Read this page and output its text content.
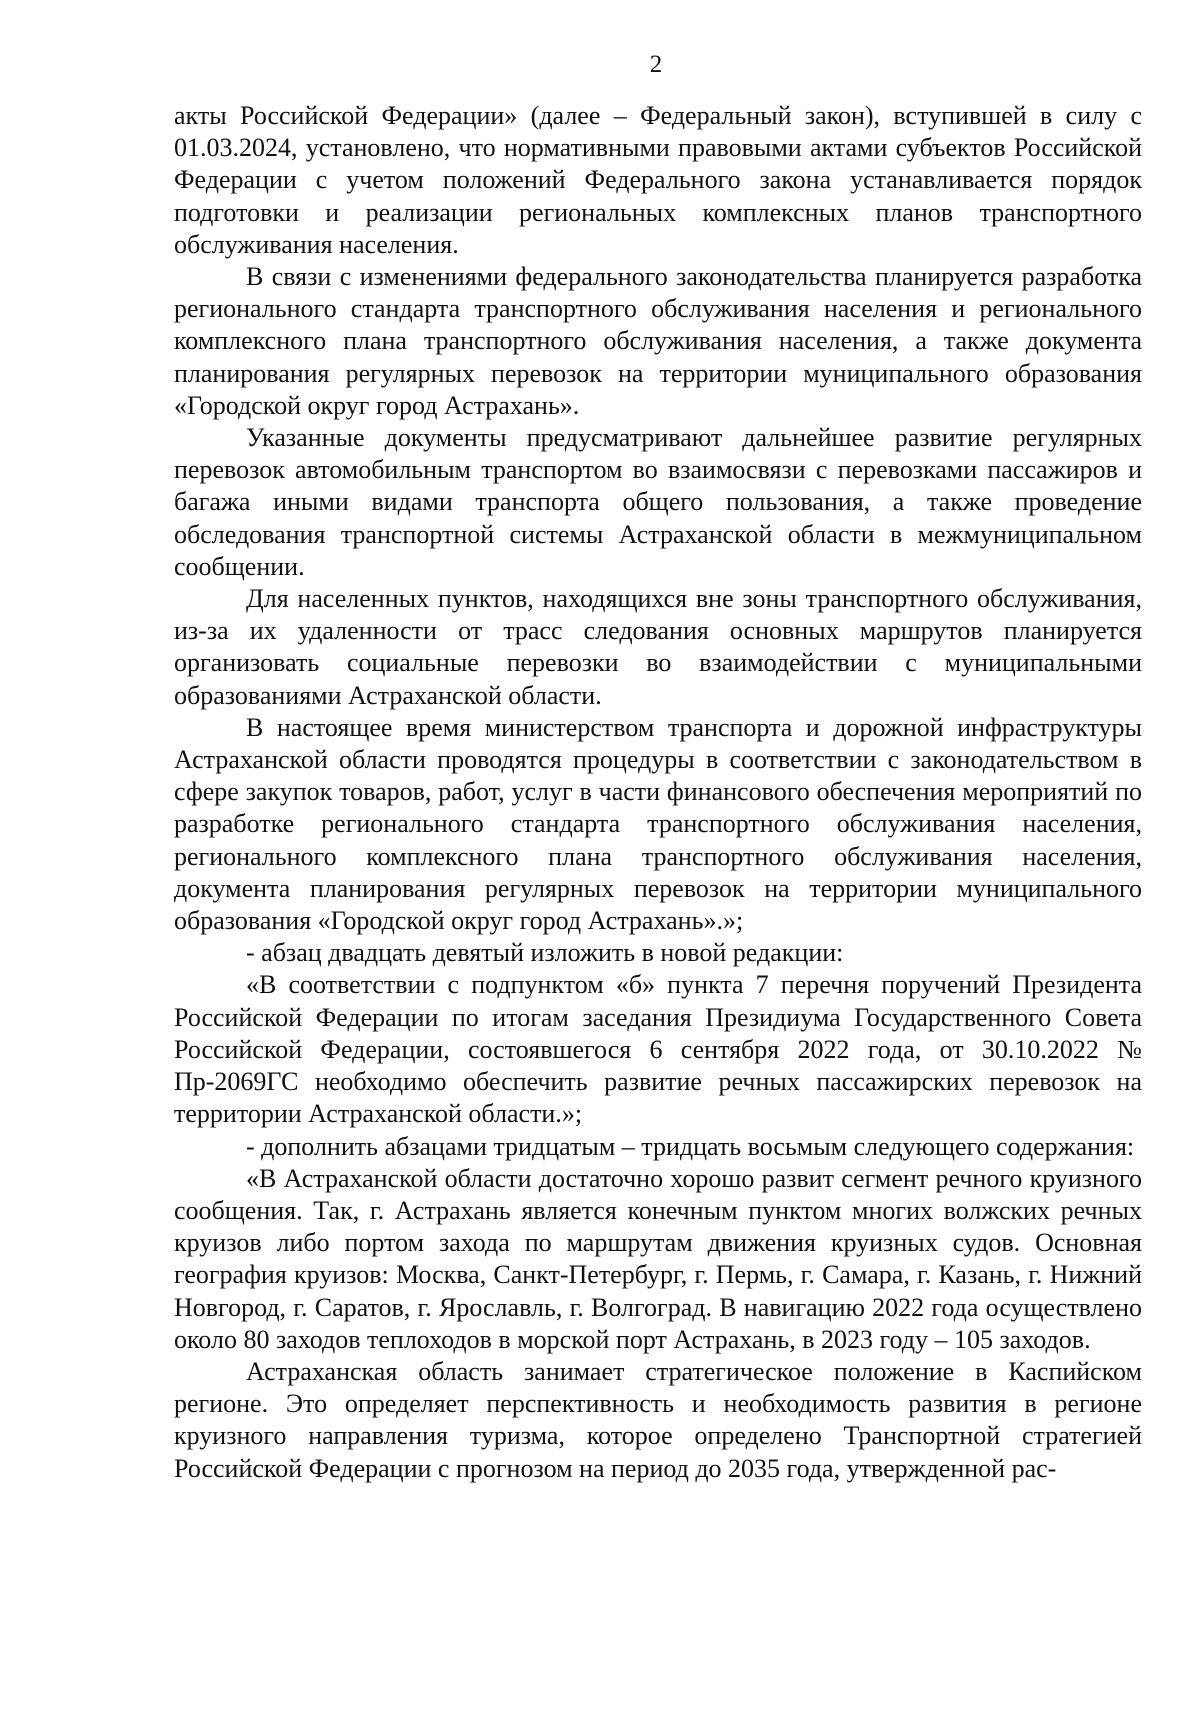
2

акты Российской Федерации» (далее – Федеральный закон), вступившей в силу с 01.03.2024, установлено, что нормативными правовыми актами субъектов Российской Федерации с учетом положений Федерального закона устанавливается порядок подготовки и реализации региональных комплексных планов транспортного обслуживания населения.

В связи с изменениями федерального законодательства планируется разработка регионального стандарта транспортного обслуживания населения и регионального комплексного плана транспортного обслуживания населения, а также документа планирования регулярных перевозок на территории муниципального образования «Городской округ город Астрахань».

Указанные документы предусматривают дальнейшее развитие регулярных перевозок автомобильным транспортом во взаимосвязи с перевозками пассажиров и багажа иными видами транспорта общего пользования, а также проведение обследования транспортной системы Астраханской области в межмуниципальном сообщении.

Для населенных пунктов, находящихся вне зоны транспортного обслуживания, из-за их удаленности от трасс следования основных маршрутов планируется организовать социальные перевозки во взаимодействии с муниципальными образованиями Астраханской области.

В настоящее время министерством транспорта и дорожной инфраструктуры Астраханской области проводятся процедуры в соответствии с законодательством в сфере закупок товаров, работ, услуг в части финансового обеспечения мероприятий по разработке регионального стандарта транспортного обслуживания населения, регионального комплексного плана транспортного обслуживания населения, документа планирования регулярных перевозок на территории муниципального образования «Городской округ город Астрахань».»;

- абзац двадцать девятый изложить в новой редакции:

«В соответствии с подпунктом «б» пункта 7 перечня поручений Президента Российской Федерации по итогам заседания Президиума Государственного Совета Российской Федерации, состоявшегося 6 сентября 2022 года, от 30.10.2022 № Пр-2069ГС необходимо обеспечить развитие речных пассажирских перевозок на территории Астраханской области.»;

- дополнить абзацами тридцатым – тридцать восьмым следующего содержания:

«В Астраханской области достаточно хорошо развит сегмент речного круизного сообщения. Так, г. Астрахань является конечным пунктом многих волжских речных круизов либо портом захода по маршрутам движения круизных судов. Основная география круизов: Москва, Санкт-Петербург, г. Пермь, г. Самара, г. Казань, г. Нижний Новгород, г. Саратов, г. Ярославль, г. Волгоград. В навигацию 2022 года осуществлено около 80 заходов теплоходов в морской порт Астрахань, в 2023 году – 105 заходов.

Астраханская область занимает стратегическое положение в Каспийском регионе. Это определяет перспективность и необходимость развития в регионе круизного направления туризма, которое определено Транспортной стратегией Российской Федерации с прогнозом на период до 2035 года, утвержденной рас-
